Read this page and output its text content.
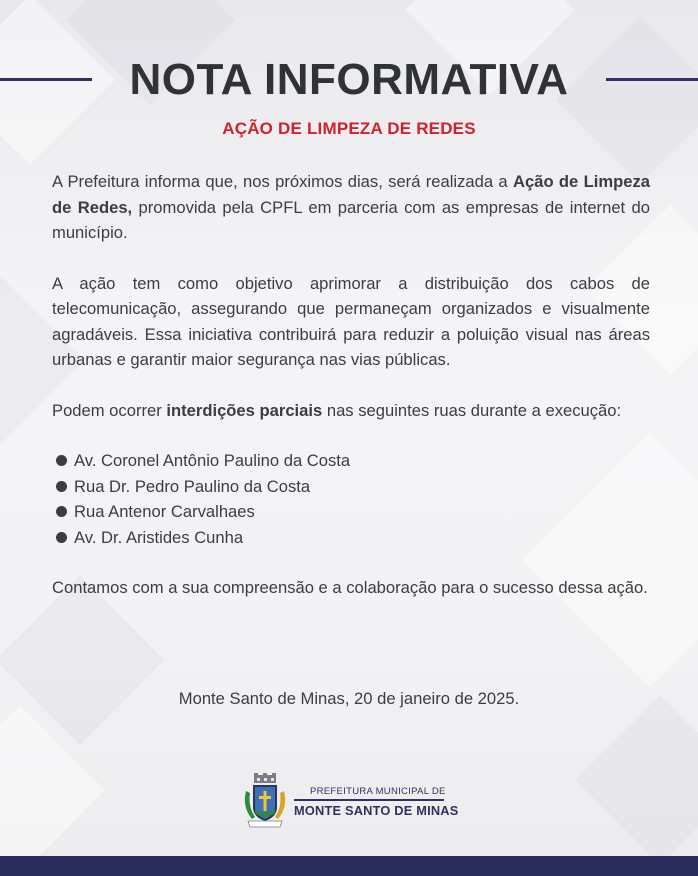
NOTA INFORMATIVA
AÇÃO DE LIMPEZA DE REDES

A Prefeitura informa que, nos próximos dias, será realizada a Ação de Limpeza de Redes, promovida pela CPFL em parceria com as empresas de internet do município.

A ação tem como objetivo aprimorar a distribuição dos cabos de telecomunicação, assegurando que permaneçam organizados e visualmente agradáveis. Essa iniciativa contribuirá para reduzir a poluição visual nas áreas urbanas e garantir maior segurança nas vias públicas.

Podem ocorrer interdições parciais nas seguintes ruas durante a execução:

Av. Coronel Antônio Paulino da Costa
Rua Dr. Pedro Paulino da Costa
Rua Antenor Carvalhaes
Av. Dr. Aristides Cunha

Contamos com a sua compreensão e a colaboração para o sucesso dessa ação.

Monte Santo de Minas, 20 de janeiro de 2025.
PREFEITURA MUNICIPAL DE
MONTE SANTO DE MINAS
